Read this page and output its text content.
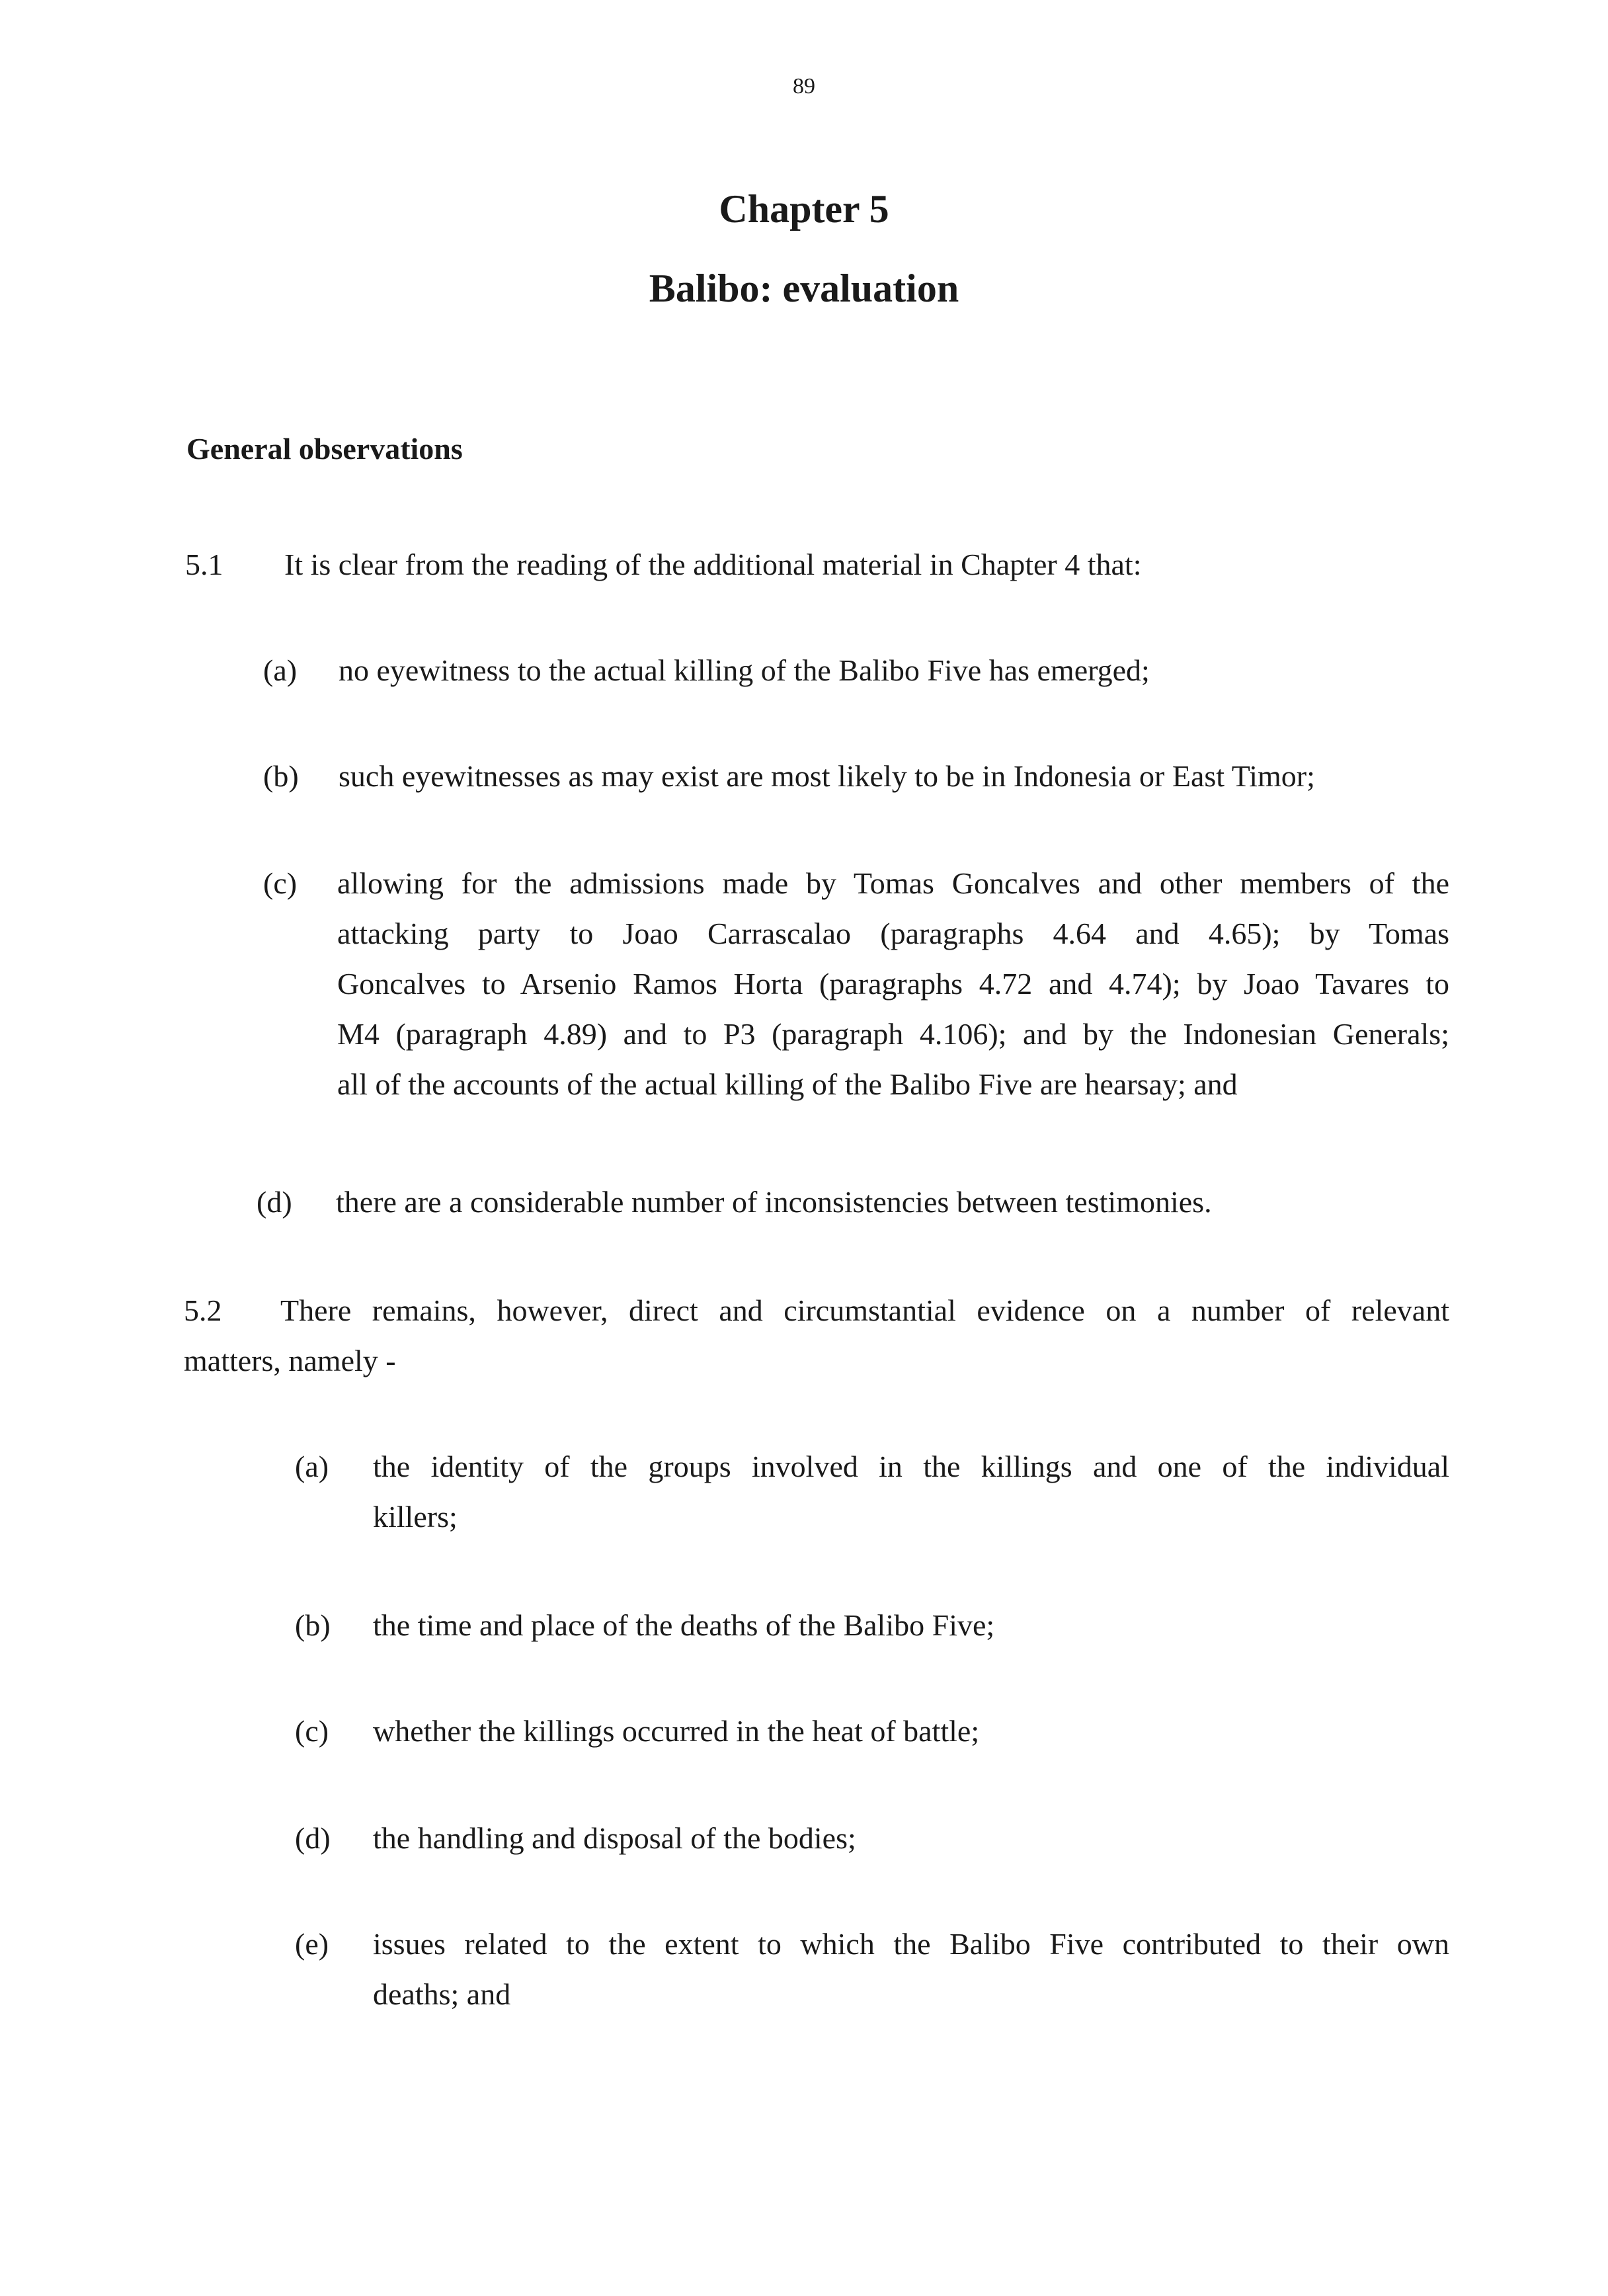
89
Chapter 5
Balibo: evaluation
General observations
5.1 It is clear from the reading of the additional material in Chapter 4 that:
(a) no eyewitness to the actual killing of the Balibo Five has emerged;
(b) such eyewitnesses as may exist are most likely to be in Indonesia or East Timor;
(c) allowing for the admissions made by Tomas Goncalves and other members of the
attacking party to Joao Carrascalao (paragraphs 4.64 and 4.65); by Tomas
Goncalves to Arsenio Ramos Horta (paragraphs 4.72 and 4.74); by Joao Tavares to
M4 (paragraph 4.89) and to P3 (paragraph 4.106); and by the Indonesian Generals;
all of the accounts of the actual killing of the Balibo Five are hearsay; and
(d) there are a considerable number of inconsistencies between testimonies.
5.2 There remains, however, direct and circumstantial evidence on a number of relevant
matters, namely -
(a) the identity of the groups involved in the killings and one of the individual
killers;
(b) the time and place of the deaths of the Balibo Five;
(c) whether the killings occurred in the heat of battle;
(d) the handling and disposal of the bodies;
(e) issues related to the extent to which the Balibo Five contributed to their own
deaths; and
